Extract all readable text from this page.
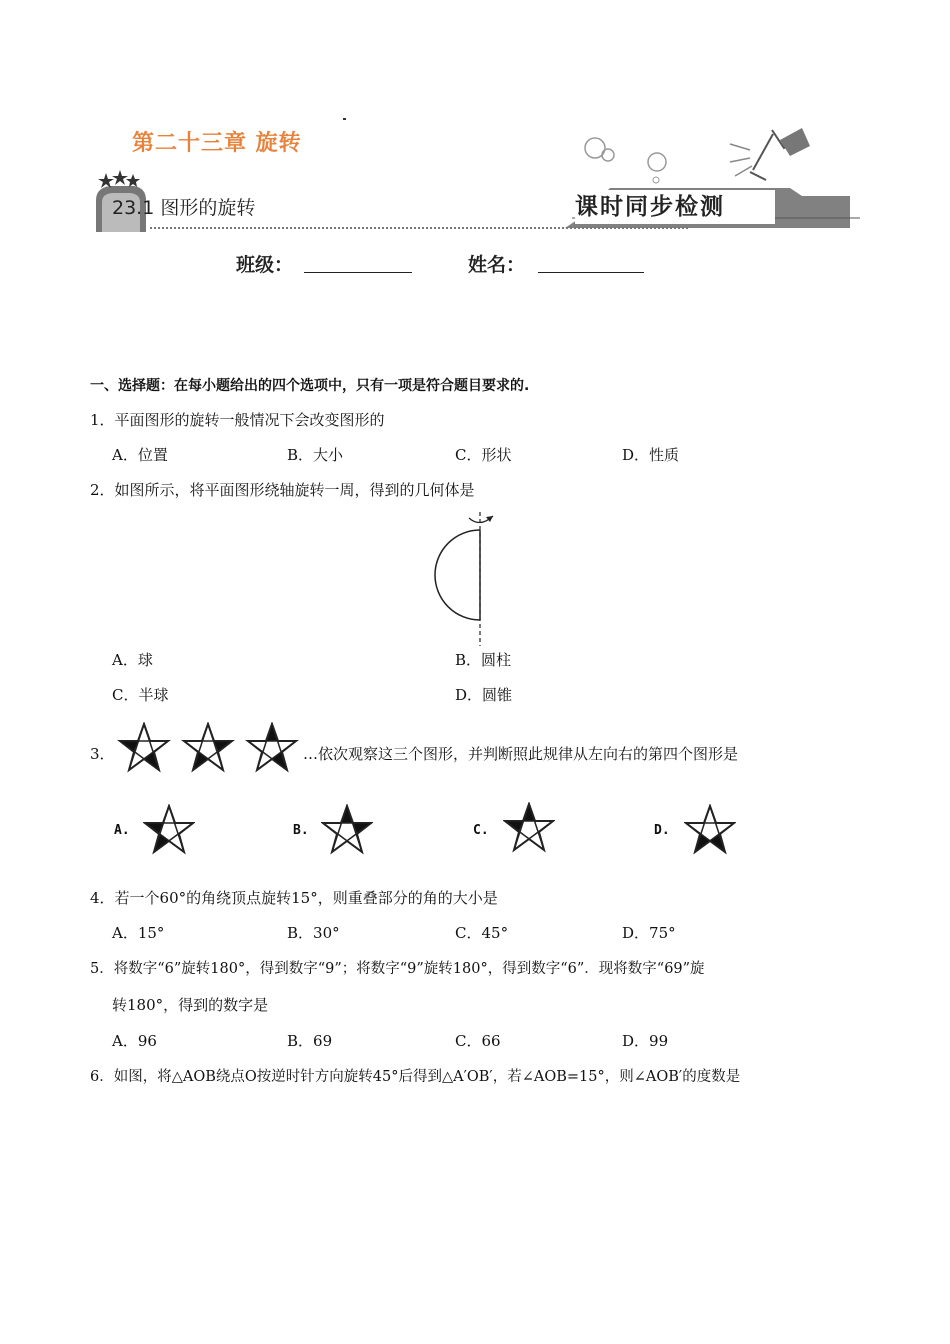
第二十三章 旋转
23.1 图形的旋转	课时同步检测
班级：	姓名：
一、选择题：在每小题给出的四个选项中，只有一项是符合题目要求的.
1．平面图形的旋转一般情况下会改变图形的
A．位置	B．大小	C．形状	D．性质
2．如图所示，将平面图形绕轴旋转一周，得到的几何体是
A．球	B．圆柱
C．半球	D．圆锥
3．	…依次观察这三个图形，并判断照此规律从左向右的第四个图形是
A.	B.	C.	D.
4．若一个60°的角绕顶点旋转15°，则重叠部分的角的大小是
A．15°	B．30°	C．45°	D．75°
5．将数字“6”旋转180°，得到数字“9”；将数字“9”旋转180°，得到数字“6”．现将数字“69”旋
转180°，得到的数字是
A．96	B．69	C．66	D．99
6．如图，将△AOB绕点O按逆时针方向旋转45°后得到△A′OB′，若∠AOB=15°，则∠AOB′的度数是
